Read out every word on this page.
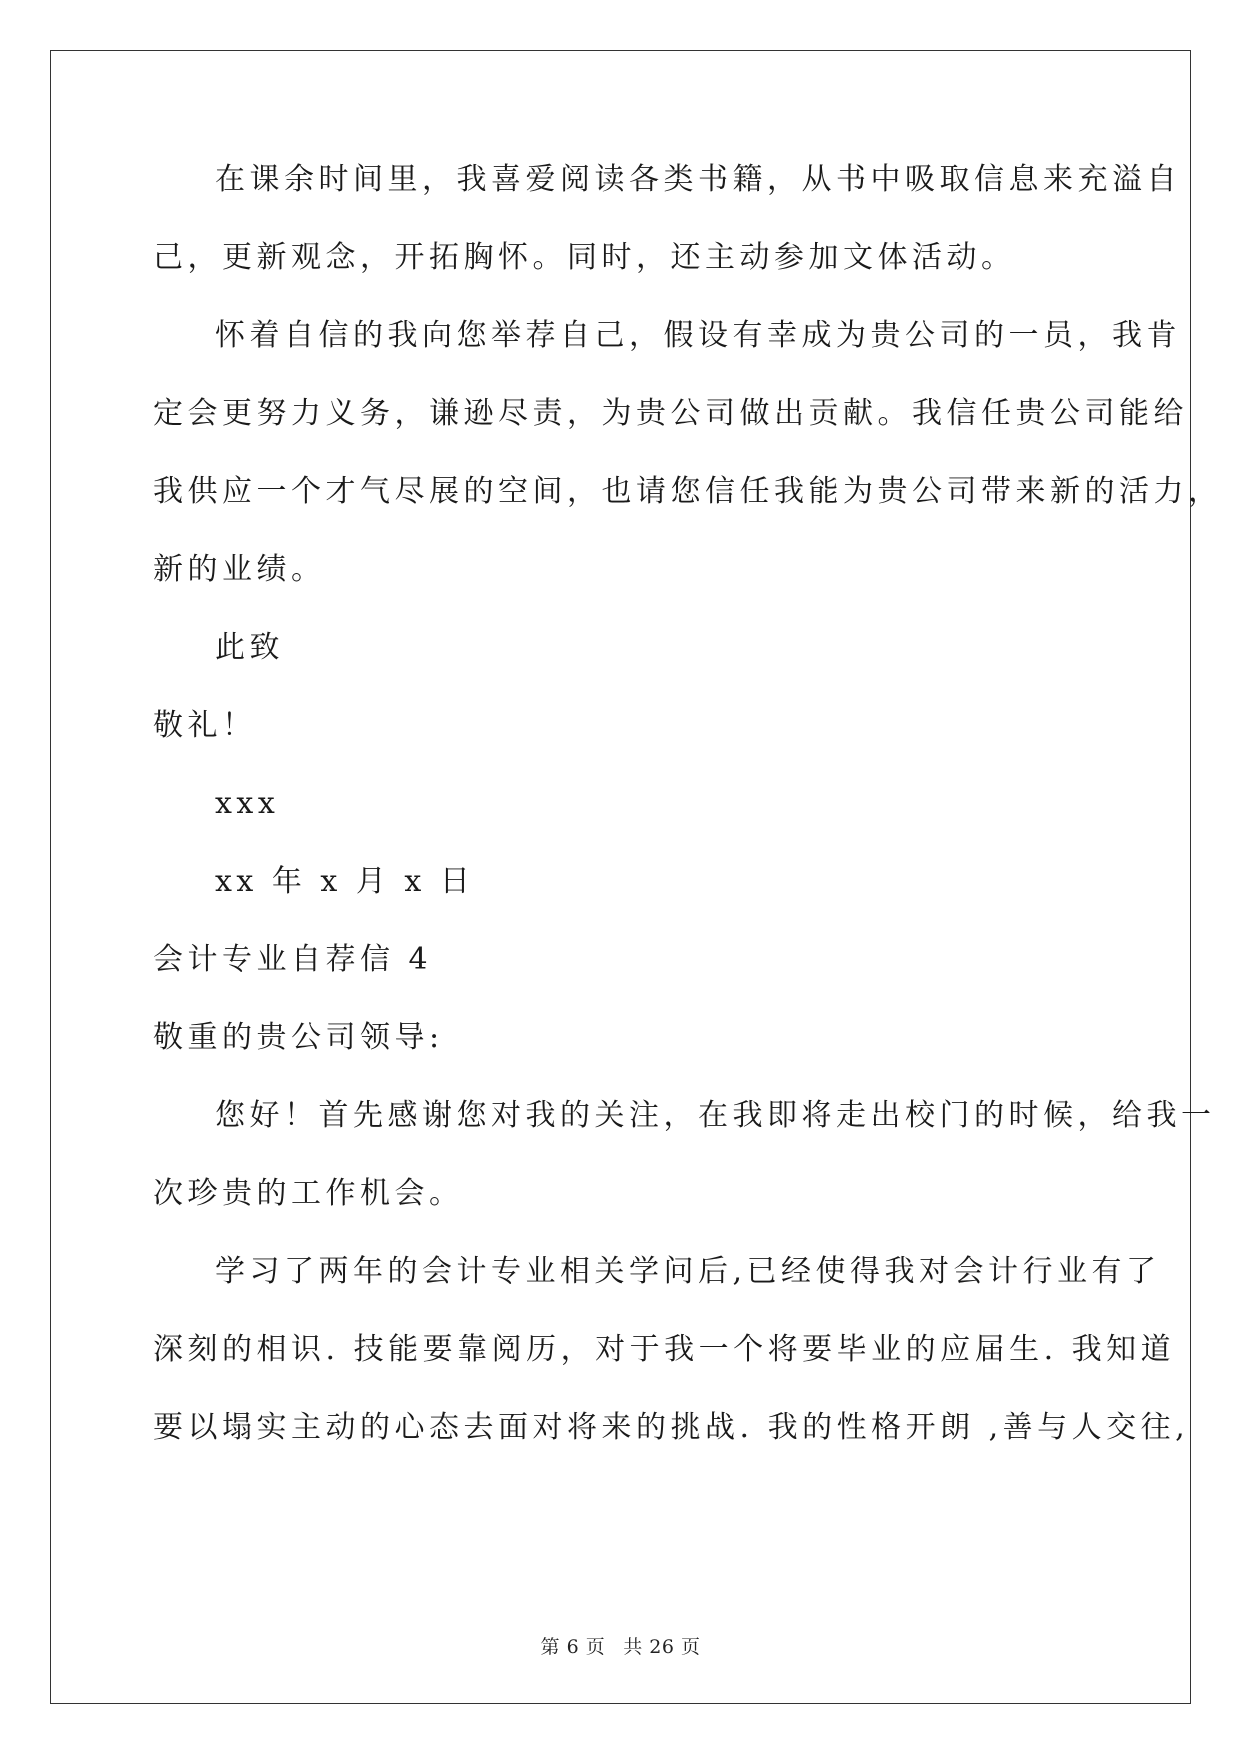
在课余时间里，我喜爱阅读各类书籍，从书中吸取信息来充溢自
己，更新观念，开拓胸怀。同时，还主动参加文体活动。
怀着自信的我向您举荐自己，假设有幸成为贵公司的一员，我肯
定会更努力义务，谦逊尽责，为贵公司做出贡献。我信任贵公司能给
我供应一个才气尽展的空间，也请您信任我能为贵公司带来新的活力，
新的业绩。
此致
敬礼！
xxx
xx 年 x 月 x 日
会计专业自荐信 4
敬重的贵公司领导:
您好！首先感谢您对我的关注，在我即将走出校门的时候，给我一
次珍贵的工作机会。
学习了两年的会计专业相关学问后,已经使得我对会计行业有了
深刻的相识. 技能要靠阅历，对于我一个将要毕业的应届生. 我知道
要以塌实主动的心态去面对将来的挑战. 我的性格开朗 ,善与人交往,
第 6 页 共 26 页
